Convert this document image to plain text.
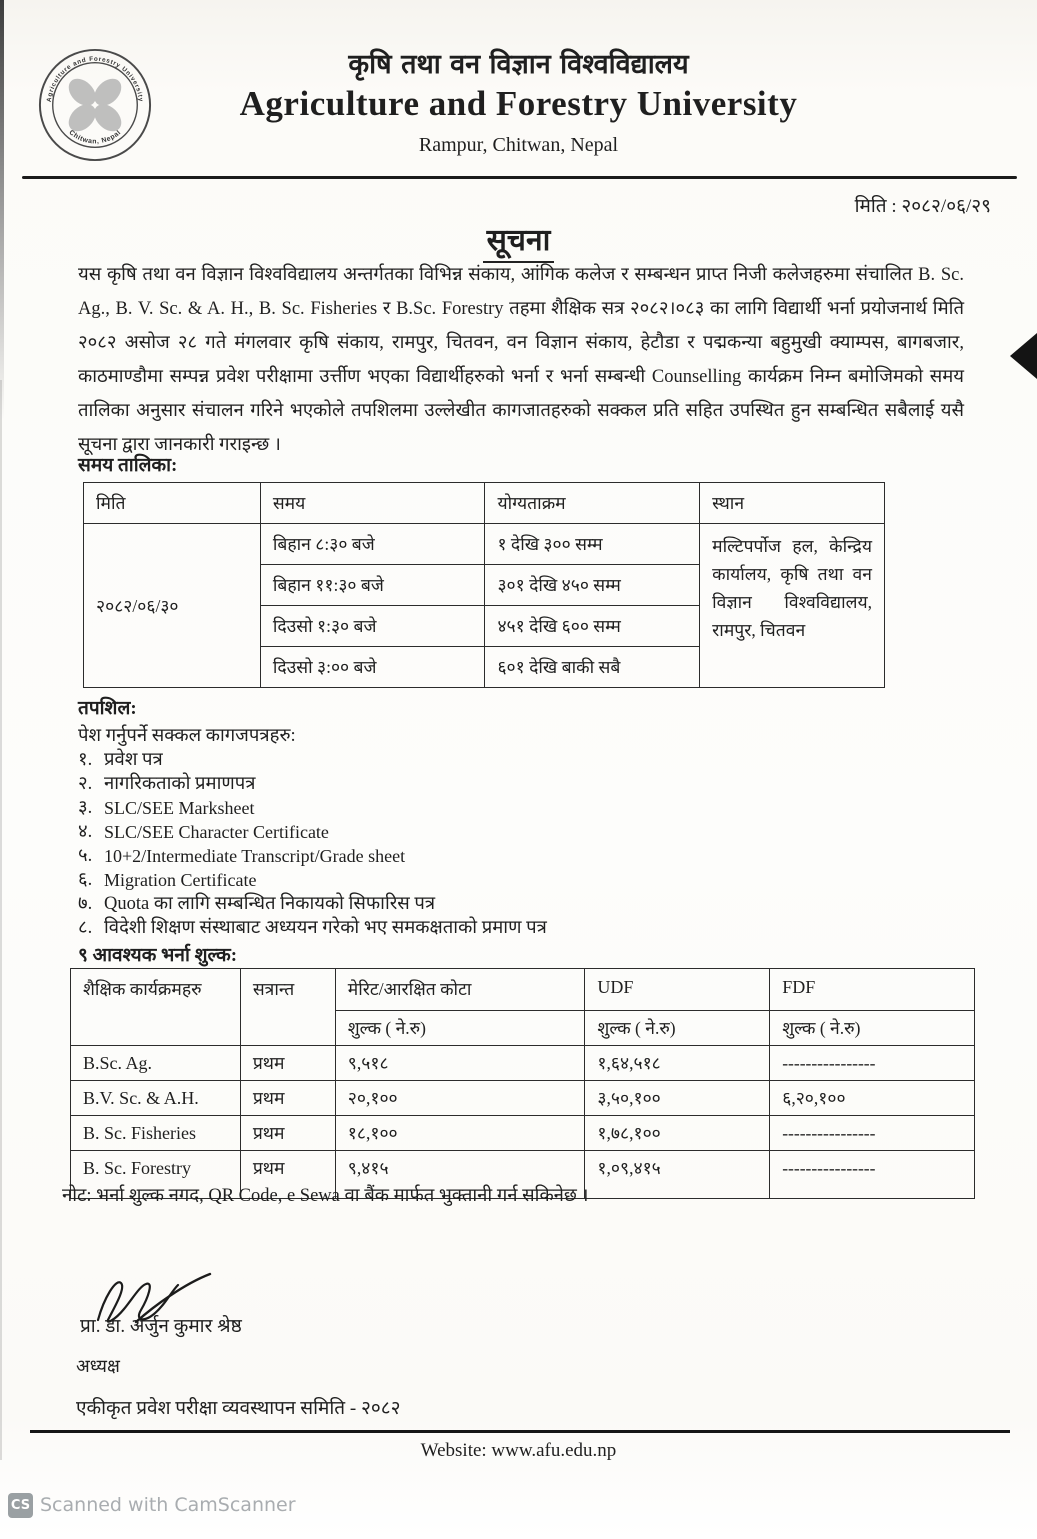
Agriculture and Forestry University
Chitwan, Nepal
कृषि तथा वन विज्ञान विश्वविद्यालय
Agriculture and Forestry University
Rampur, Chitwan, Nepal
मिति : २०८२/०६/२९
सूचना
यस कृषि तथा वन विज्ञान विश्वविद्यालय अन्तर्गतका विभिन्न संकाय, आंगिक कलेज र सम्बन्धन प्राप्त निजी कलेजहरुमा संचालित B. Sc. Ag., B. V. Sc. & A. H., B. Sc. Fisheries र B.Sc. Forestry तहमा शैक्षिक सत्र २०८२।०८३ का लागि विद्यार्थी भर्ना प्रयोजनार्थ मिति २०८२ असोज २८ गते मंगलवार कृषि संकाय, रामपुर, चितवन, वन विज्ञान संकाय, हेटौडा र पद्मकन्या बहुमुखी क्याम्पस, बागबजार, काठमाण्डौमा सम्पन्न प्रवेश परीक्षामा उर्त्तीण भएका विद्यार्थीहरुको भर्ना र भर्ना सम्बन्धी Counselling कार्यक्रम निम्न बमोजिमको समय तालिका अनुसार संचालन गरिने भएकोले तपशिलमा उल्लेखीत कागजातहरुको सक्कल प्रति सहित उपस्थित हुन सम्बन्धित सबैलाई यसै सूचना द्वारा जानकारी गराइन्छ ।
समय तालिका:
मिति	समय	योग्यताक्रम	स्थान
२०८२/०६/३०	बिहान ८:३० बजे	१ देखि ३०० सम्म	मल्टिपर्पोज हल, केन्द्रिय कार्यालय, कृषि तथा वन विज्ञान विश्वविद्यालय, रामपुर, चितवन
	बिहान ११:३० बजे	३०१ देखि ४५० सम्म	
	दिउसो १:३० बजे	४५१ देखि ६०० सम्म	
	दिउसो ३:०० बजे	६०१ देखि बाकी सबै	
तपशिल:
पेश गर्नुपर्ने सक्कल कागजपत्रहरु:
१. प्रवेश पत्र
२. नागरिकताको प्रमाणपत्र
३. SLC/SEE Marksheet
४. SLC/SEE Character Certificate
५. 10+2/Intermediate Transcript/Grade sheet
६. Migration Certificate
७. Quota का लागि सम्बन्धित निकायको सिफारिस पत्र
८. विदेशी शिक्षण संस्थाबाट अध्ययन गरेको भए समकक्षताको प्रमाण पत्र
९ आवश्यक भर्ना शुल्क:
शैक्षिक कार्यक्रमहरु	सत्रान्त	मेरिट/आरक्षित कोटा	UDF	FDF
		शुल्क ( ने.रु)	शुल्क ( ने.रु)	शुल्क ( ने.रु)
B.Sc. Ag.	प्रथम	९,५१८	१,६४,५१८	----------------
B.V. Sc. & A.H.	प्रथम	२०,१००	३,५०,१००	६,२०,१००
B. Sc. Fisheries	प्रथम	१८,१००	१,७८,१००	----------------
B. Sc. Forestry	प्रथम	९,४१५	१,०९,४१५	----------------
नोट: भर्ना शुल्क नगद, QR Code, e Sewa वा बैंक मार्फत भुक्तानी गर्न सकिनेछ ।
प्रा. डा. अर्जुन कुमार श्रेष्ठ
अध्यक्ष
एकीकृत प्रवेश परीक्षा व्यवस्थापन समिति - २०८२
Website: www.afu.edu.np
CS Scanned with CamScanner
